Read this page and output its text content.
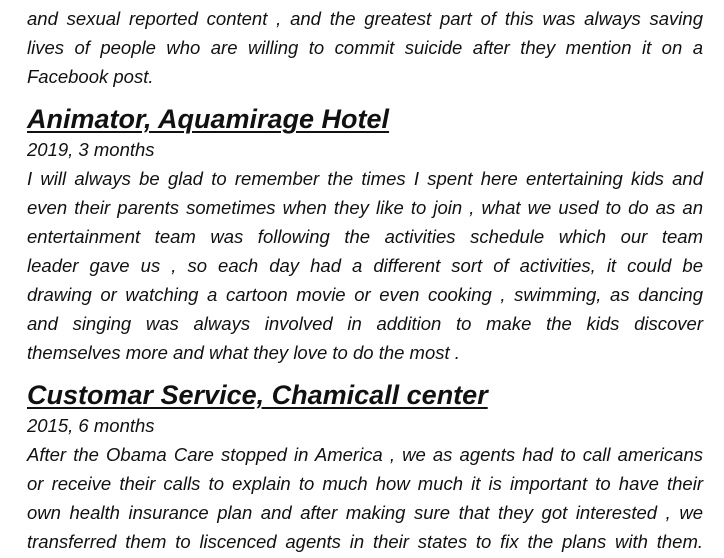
and sexual reported content , and the greatest part of this was always saving
lives of people who are willing to commit suicide after they mention it on a
Facebook post.

Animator, Aquamirage Hotel

2019, 3 months

I will always be glad to remember the times I spent here entertaining kids and
even their parents sometimes when they like to join , what we used to do as an
entertainment team was following the activities schedule which our team
leader gave us , so each day had a different sort of activities, it could be
drawing or watching a cartoon movie or even cooking , swimming, as dancing
and singing was always involved in addition to make the kids discover
themselves more and what they love to do the most .

Customar Service, Chamicall center

2015, 6 months

After the Obama Care stopped in America , we as agents had to call americans
or receive their calls to explain to much how much it is important to have their
own health insurance plan and after making sure that they got interested , we
transferred them to liscenced agents in their states to fix the plans with them.
